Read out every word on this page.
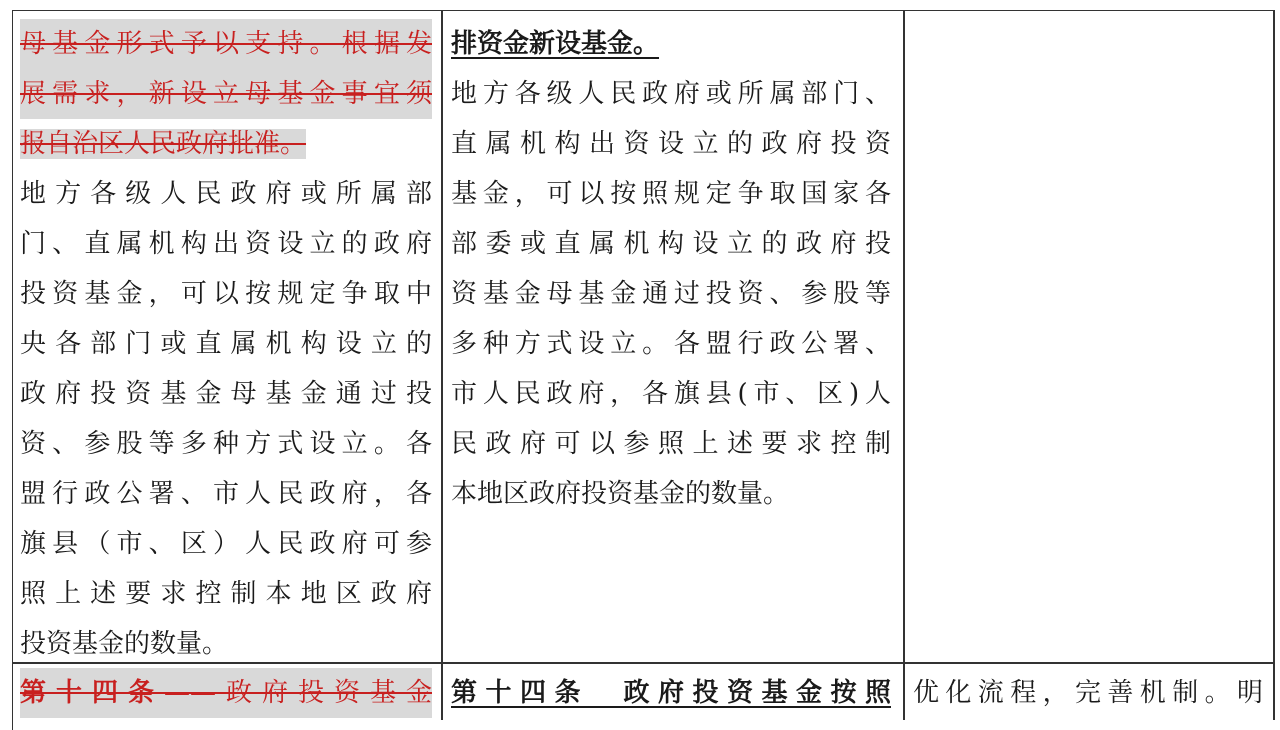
母基金形式予以支持。根据发
展需求，新设立母基金事宜须
报自治区人民政府批准。
地方各级人民政府或所属部
门、直属机构出资设立的政府
投资基金，可以按规定争取中
央各部门或直属机构设立的
政府投资基金母基金通过投
资、参股等多种方式设立。各
盟行政公署、市人民政府，各
旗县（市、区）人民政府可参
照上述要求控制本地区政府
投资基金的数量。
第十四条——政府投资基金
排资金新设基金。
地方各级人民政府或所属部门、
直属机构出资设立的政府投资
基金，可以按照规定争取国家各
部委或直属机构设立的政府投
资基金母基金通过投资、参股等
多种方式设立。各盟行政公署、
市人民政府，各旗县(市、区)人
民政府可以参照上述要求控制
本地区政府投资基金的数量。
第十四条　政府投资基金按照 优化流程，完善机制。明
